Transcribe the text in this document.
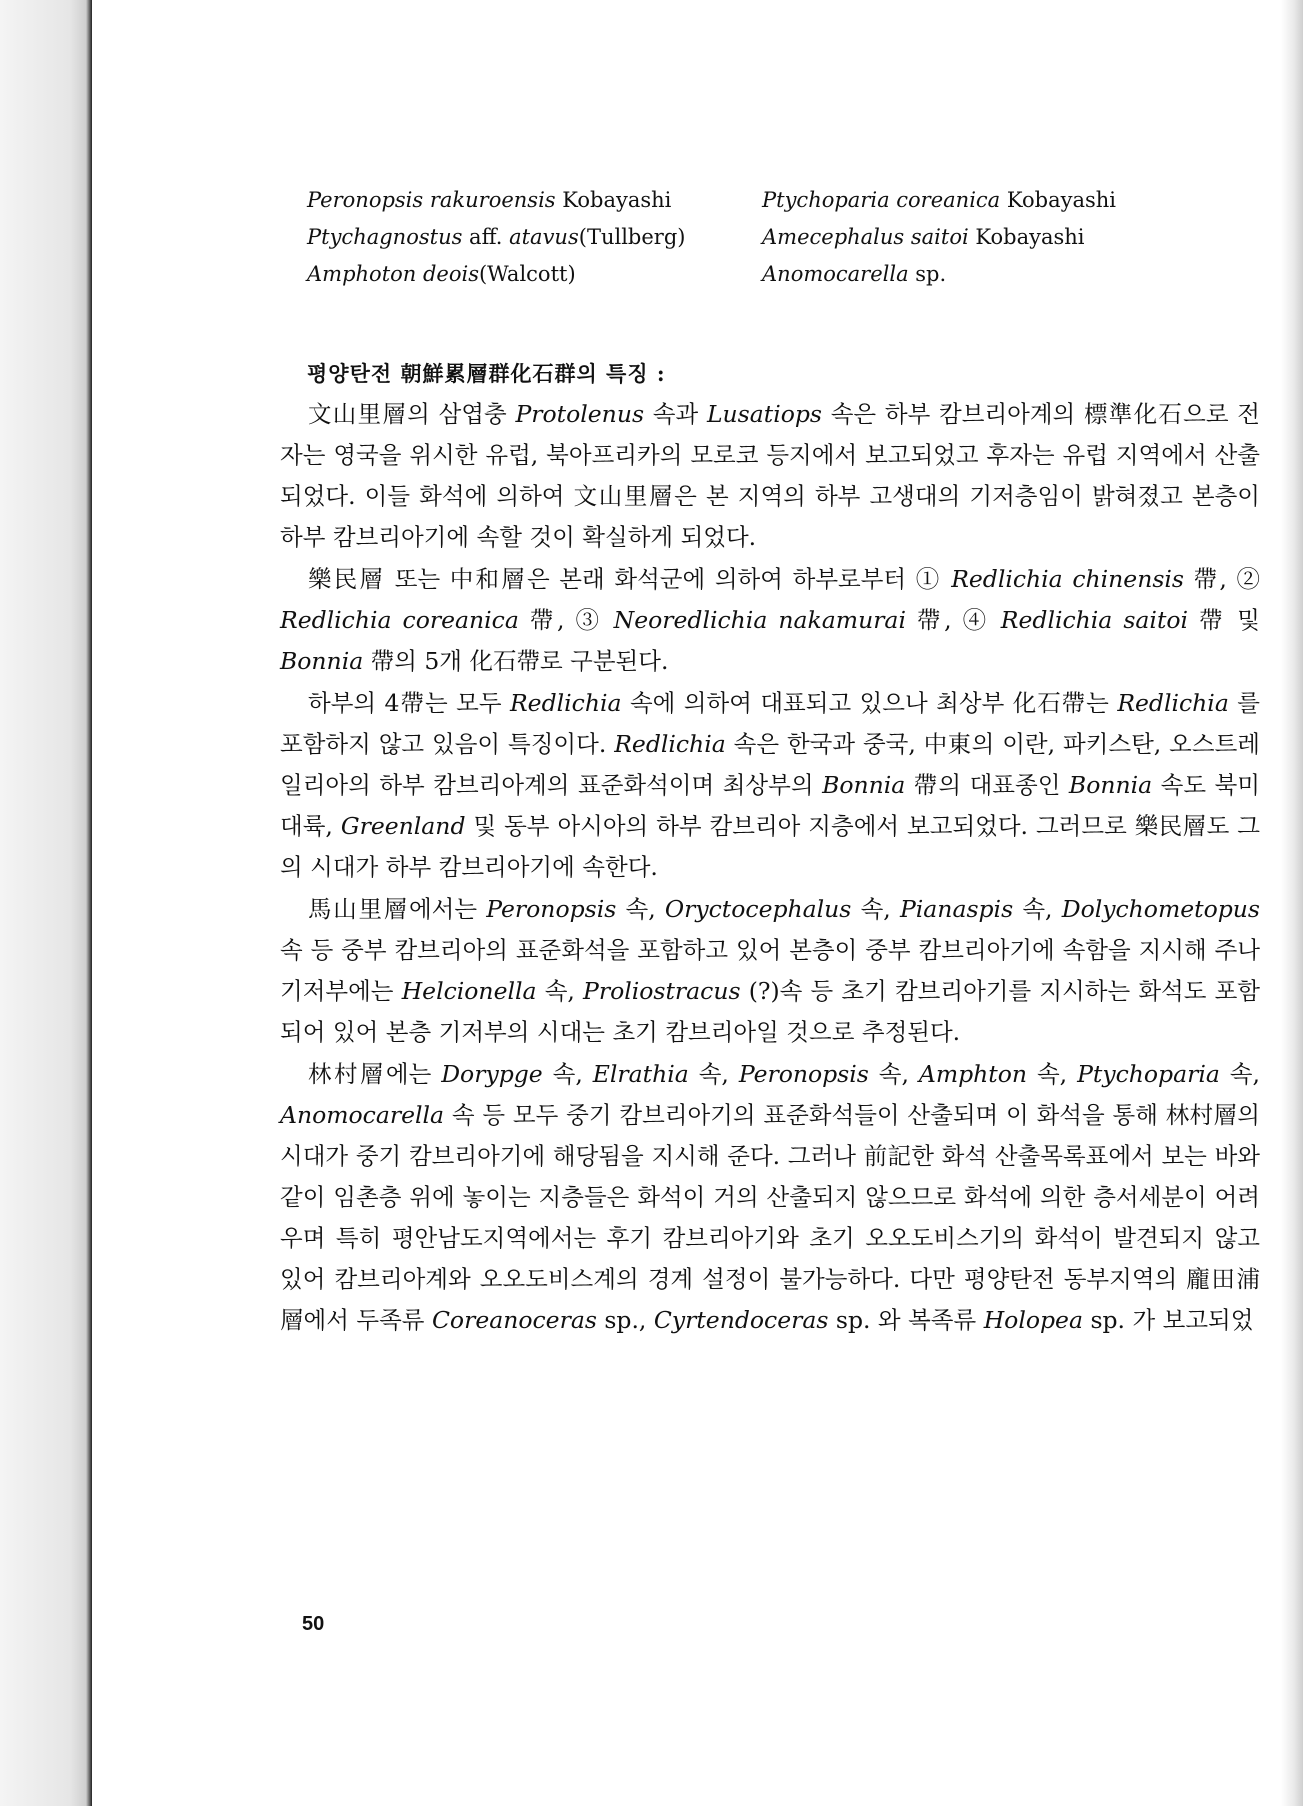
Peronopsis rakuroensis Kobayashi
Ptychagnostus aff. atavus(Tullberg)
Amphoton deois(Walcott)
Ptychoparia coreanica Kobayashi
Amecephalus saitoi Kobayashi
Anomocarella sp.
평양탄전 朝鮮累層群化石群의 특징 :

文山里層의 삼엽충 Protolenus 속과 Lusatiops 속은 하부 캄브리아계의 標準化石으로 전자는 영국을 위시한 유럽, 북아프리카의 모로코 등지에서 보고되었고 후자는 유럽 지역에서 산출되었다. 이들 화석에 의하여 文山里層은 본 지역의 하부 고생대의 기저층임이 밝혀졌고 본층이 하부 캄브리아기에 속할 것이 확실하게 되었다.

樂民層 또는 中和層은 본래 화석군에 의하여 하부로부터 ① Redlichia chinensis 帶, ② Redlichia coreanica 帶, ③ Neoredlichia nakamurai 帶, ④ Redlichia saitoi 帶 및 Bonnia 帶의 5개 化石帶로 구분된다.

하부의 4帶는 모두 Redlichia 속에 의하여 대표되고 있으나 최상부 化石帶는 Redlichia 를 포함하지 않고 있음이 특징이다. Redlichia 속은 한국과 중국, 中東의 이란, 파키스탄, 오스트레일리아의 하부 캄브리아계의 표준화석이며 최상부의 Bonnia 帶의 대표종인 Bonnia 속도 북미대륙, Greenland 및 동부 아시아의 하부 캄브리아 지층에서 보고되었다. 그러므로 樂民層도 그의 시대가 하부 캄브리아기에 속한다.

馬山里層에서는 Peronopsis 속, Oryctocephalus 속, Pianaspis 속, Dolychometopus 속 등 중부 캄브리아의 표준화석을 포함하고 있어 본층이 중부 캄브리아기에 속함을 지시해 주나 기저부에는 Helcionella 속, Proliostracus (?)속 등 초기 캄브리아기를 지시하는 화석도 포함되어 있어 본층 기저부의 시대는 초기 캄브리아일 것으로 추정된다.

林村層에는 Dorypge 속, Elrathia 속, Peronopsis 속, Amphton 속, Ptychoparia 속, Anomocarella 속 등 모두 중기 캄브리아기의 표준화석들이 산출되며 이 화석을 통해 林村層의 시대가 중기 캄브리아기에 해당됨을 지시해 준다. 그러나 前記한 화석 산출목록표에서 보는 바와 같이 임촌층 위에 놓이는 지층들은 화석이 거의 산출되지 않으므로 화석에 의한 층서세분이 어려우며 특히 평안남도지역에서는 후기 캄브리아기와 초기 오오도비스기의 화석이 발견되지 않고 있어 캄브리아계와 오오도비스계의 경계 설정이 불가능하다. 다만 평양탄전 동부지역의 龐田浦層에서 두족류 Coreanoceras sp., Cyrtendoceras sp. 와 복족류 Holopea sp. 가 보고되었

50
